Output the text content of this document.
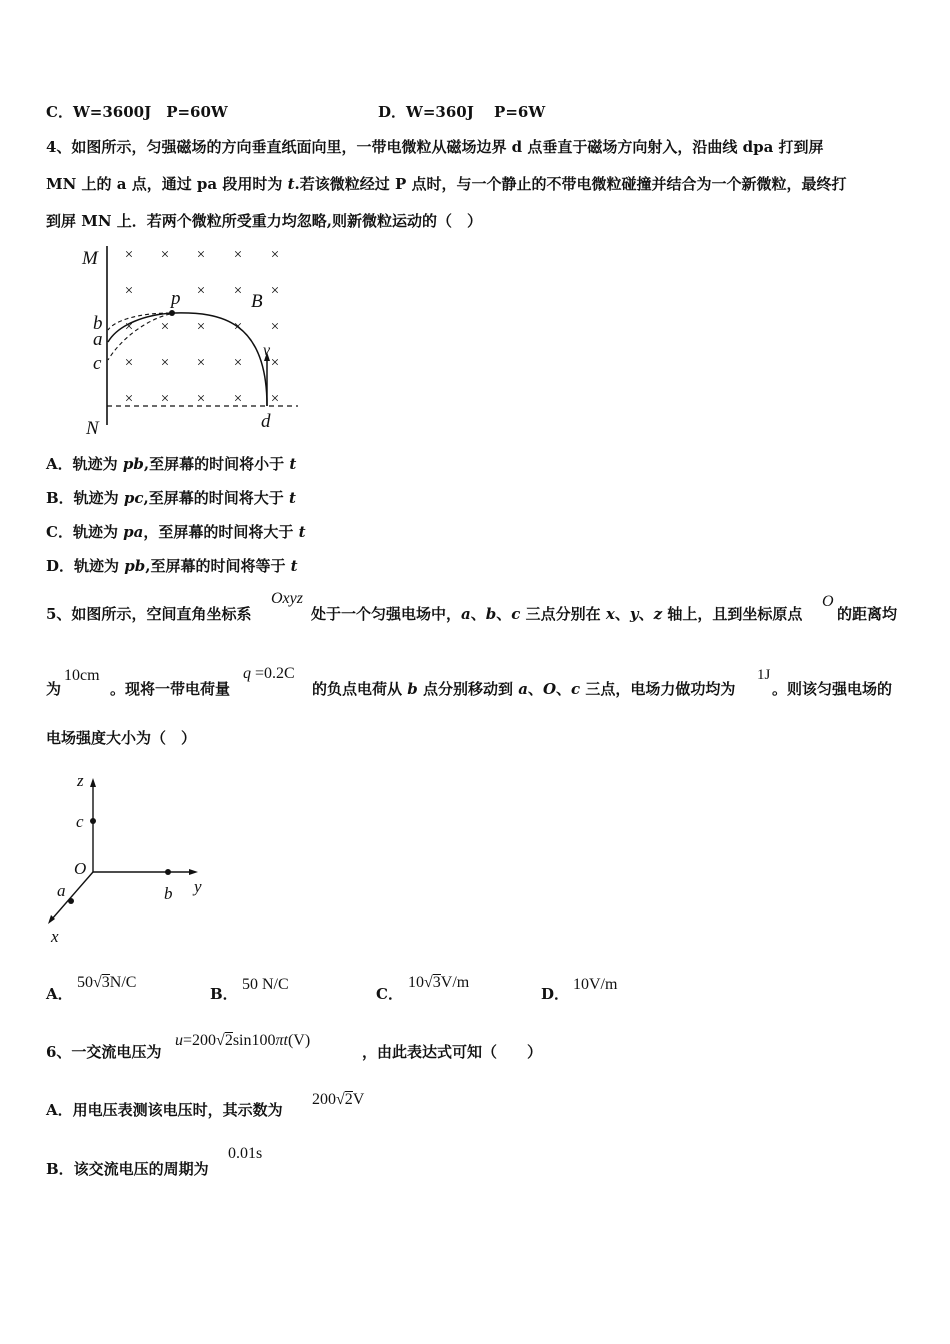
C．W=3600J　P=60W	D．W=360J　 P=6W
4、如图所示，匀强磁场的方向垂直纸面向里，一带电微粒从磁场边界 d 点垂直于磁场方向射入，沿曲线 dpa 打到屏
MN 上的 a 点，通过 pa 段用时为 t.若该微粒经过 P 点时，与一个静止的不带电微粒碰撞并结合为一个新微粒，最终打
到屏 MN 上．若两个微粒所受重力均忽略,则新微粒运动的（　）
× × × × ×
×	× × ×
× × × × ×
× × × × ×
× × × × ×
M
N
b
a
c
p	B
v
d
A．轨迹为 pb,至屏幕的时间将小于 t
B．轨迹为 pc,至屏幕的时间将大于 t
C．轨迹为 pa，至屏幕的时间将大于 t
D．轨迹为 pb,至屏幕的时间将等于 t
5、如图所示，空间直角坐标系
Oxyz
处于一个匀强电场中，a、b、c 三点分别在 x、y、z 轴上，且到坐标原点
O
的距离均
为
10cm
。现将一带电荷量
q =0.2C
的负点电荷从 b 点分别移动到 a、O、c 三点，电场力做功均为
1J
。则该匀强电场的
电场强度大小为（　）
z
c
O
a	b y
x
A．
50√3N/C
B．
50 N/C
C．
10√3V/m
D．
10V/m
6、一交流电压为
u=200√2sin100πt(V)
，由此表达式可知（　　）
A．用电压表测该电压时，其示数为
200√2V
B．该交流电压的周期为
0.01s
